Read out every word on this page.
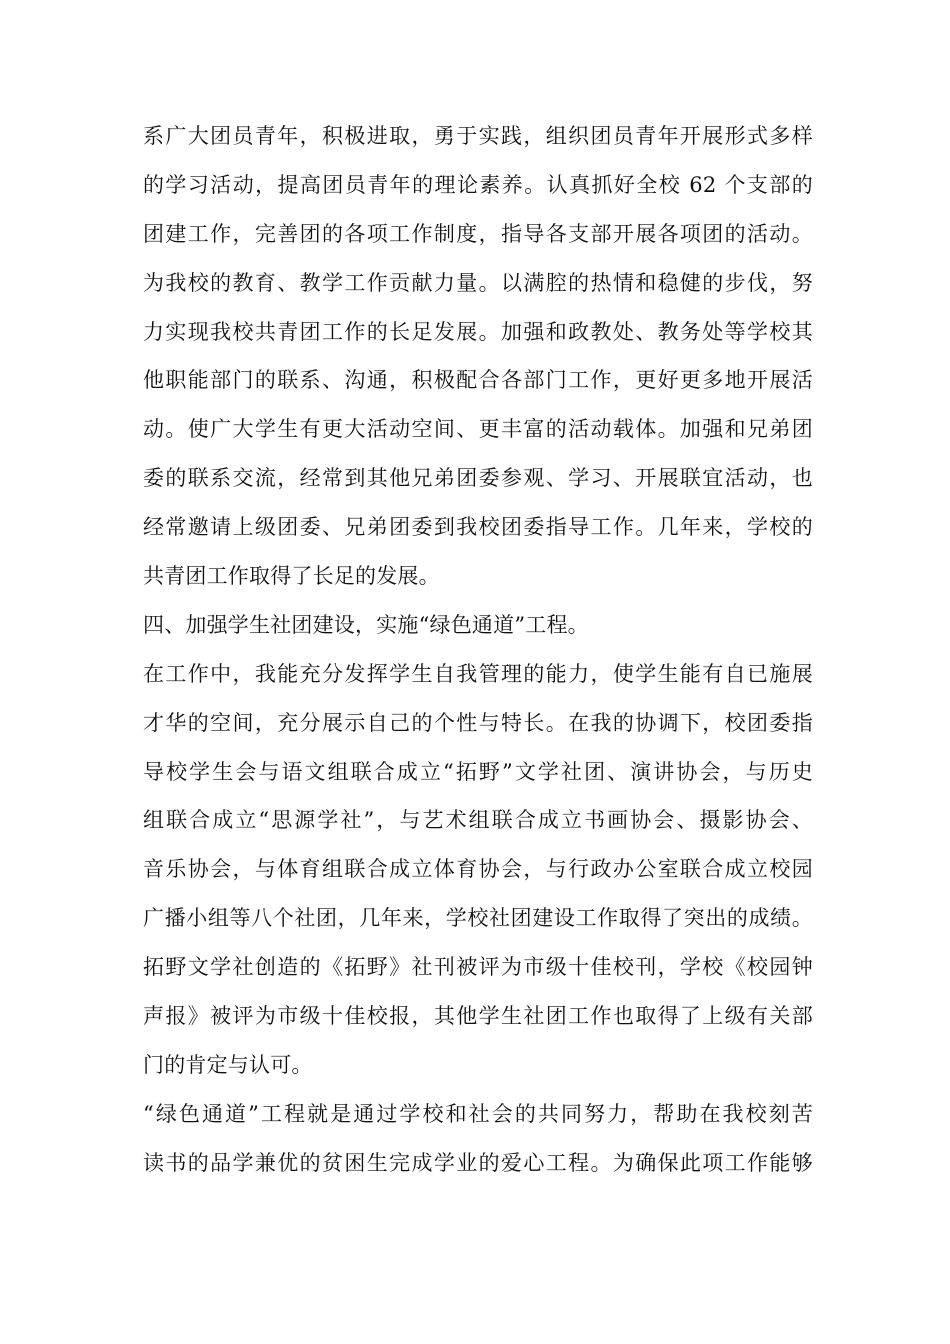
系广大团员青年，积极进取，勇于实践，组织团员青年开展形式多样
的学习活动，提高团员青年的理论素养。认真抓好全校 62 个支部的
团建工作，完善团的各项工作制度，指导各支部开展各项团的活动。
为我校的教育、教学工作贡献力量。以满腔的热情和稳健的步伐，努
力实现我校共青团工作的长足发展。加强和政教处、教务处等学校其
他职能部门的联系、沟通，积极配合各部门工作，更好更多地开展活
动。使广大学生有更大活动空间、更丰富的活动载体。加强和兄弟团
委的联系交流，经常到其他兄弟团委参观、学习、开展联宜活动，也
经常邀请上级团委、兄弟团委到我校团委指导工作。几年来，学校的
共青团工作取得了长足的发展。
四、加强学生社团建设，实施“绿色通道”工程。
在工作中，我能充分发挥学生自我管理的能力，使学生能有自已施展
才华的空间，充分展示自己的个性与特长。在我的协调下，校团委指
导校学生会与语文组联合成立“拓野”文学社团、演讲协会，与历史
组联合成立“思源学社”，与艺术组联合成立书画协会、摄影协会、
音乐协会，与体育组联合成立体育协会，与行政办公室联合成立校园
广播小组等八个社团，几年来，学校社团建设工作取得了突出的成绩。
拓野文学社创造的《拓野》社刊被评为市级十佳校刊，学校《校园钟
声报》被评为市级十佳校报，其他学生社团工作也取得了上级有关部
门的肯定与认可。
“绿色通道”工程就是通过学校和社会的共同努力，帮助在我校刻苦
读书的品学兼优的贫困生完成学业的爱心工程。为确保此项工作能够
